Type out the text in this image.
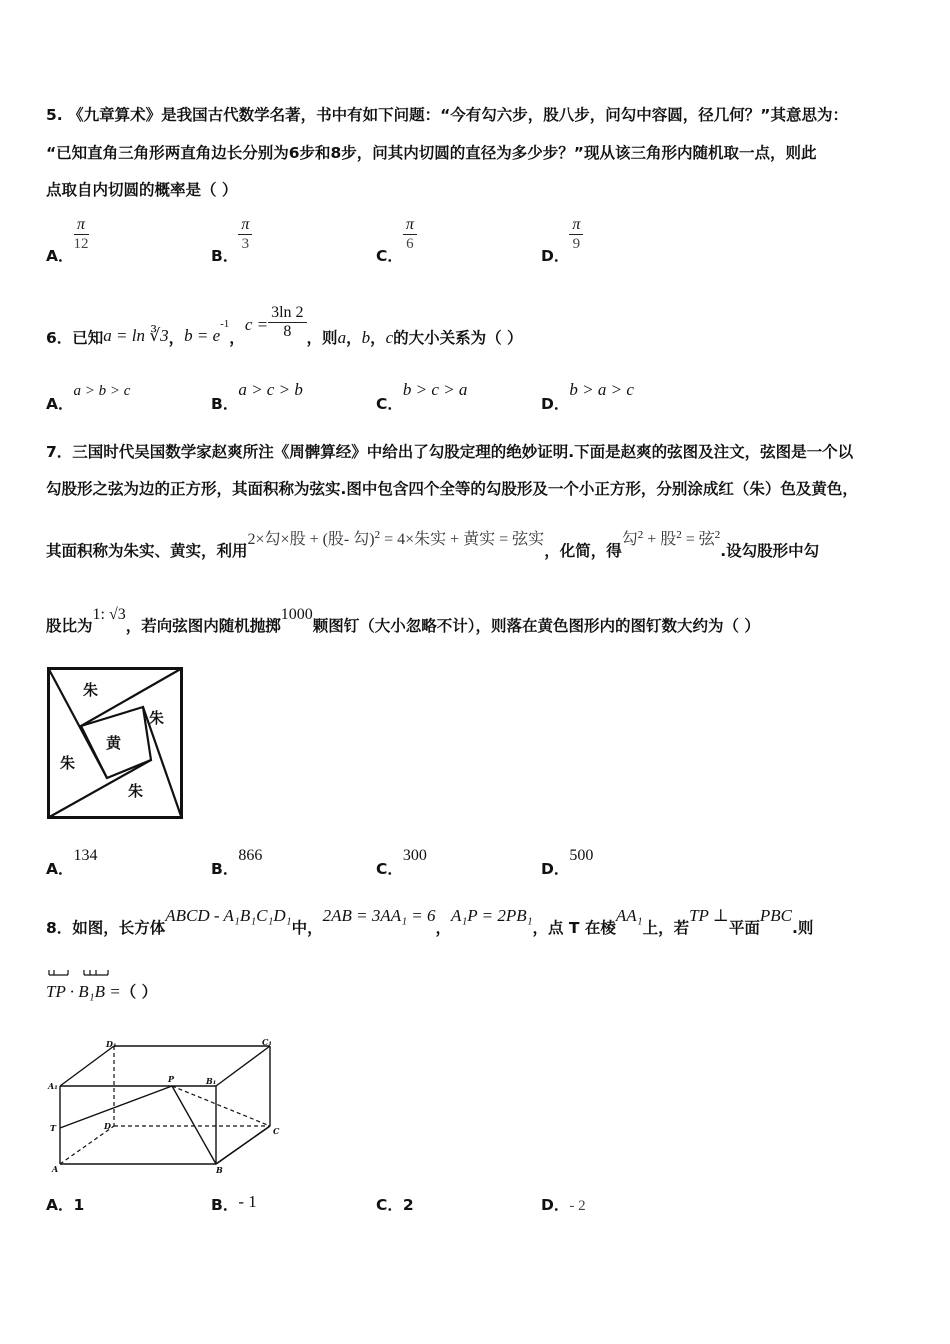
5. 《九章算术》是我国古代数学名著，书中有如下问题：“今有勾六步，股八步，问勾中容圆，径几何？”其意思为：
“已知直角三角形两直角边长分别为6步和8步，问其内切圆的直径为多少步？”现从该三角形内随机取一点，则此
点取自内切圆的概率是（ ）
A．
$\frac{\pi}{12}$
B．
$\frac{\pi}{3}$
C．
$\frac{\pi}{6}$
D．
$\frac{\pi}{9}$
6．已知a = ln ∛3，$b = e^{-1}$，$c = \frac{3\ln 2}{8}$ ，则a，b，c的大小关系为（ ）
A．a > b > c
B．a > c > b
C．b > c > a
D．b > a > c
7．三国时代吴国数学家赵爽所注《周髀算经》中给出了勾股定理的绝妙证明.下面是赵爽的弦图及注文，弦图是一个以
勾股形之弦为边的正方形，其面积称为弦实.图中包含四个全等的勾股形及一个小正方形，分别涂成红（朱）色及黄色，
其面积称为朱实、黄实，利用2×勾×股 + (股- 勾)$^2$ = 4×朱实 + 黄实 = 弦实，化简，得勾$^2$ + 股$^2$ = 弦$^2$.设勾股形中勾
股比为1: √3，若向弦图内随机抛掷1000颗图钉（大小忽略不计），则落在黄色图形内的图钉数大约为（ ）
朱
朱
黄
朱
朱
A．134
B．866
C．300
D．500
8．如图，长方体ABCD - A₁B₁C₁D₁中，2AB = 3AA₁ = 6，A₁P = 2PB₁，点 T 在棱AA₁上，若TP ⊥平面PBC.则
TP · B₁B =（ ）
D₁	C₁
A₁
P	B₁
T	D	C
A	B
A．1	B．- 1	C．2	D．- 2
